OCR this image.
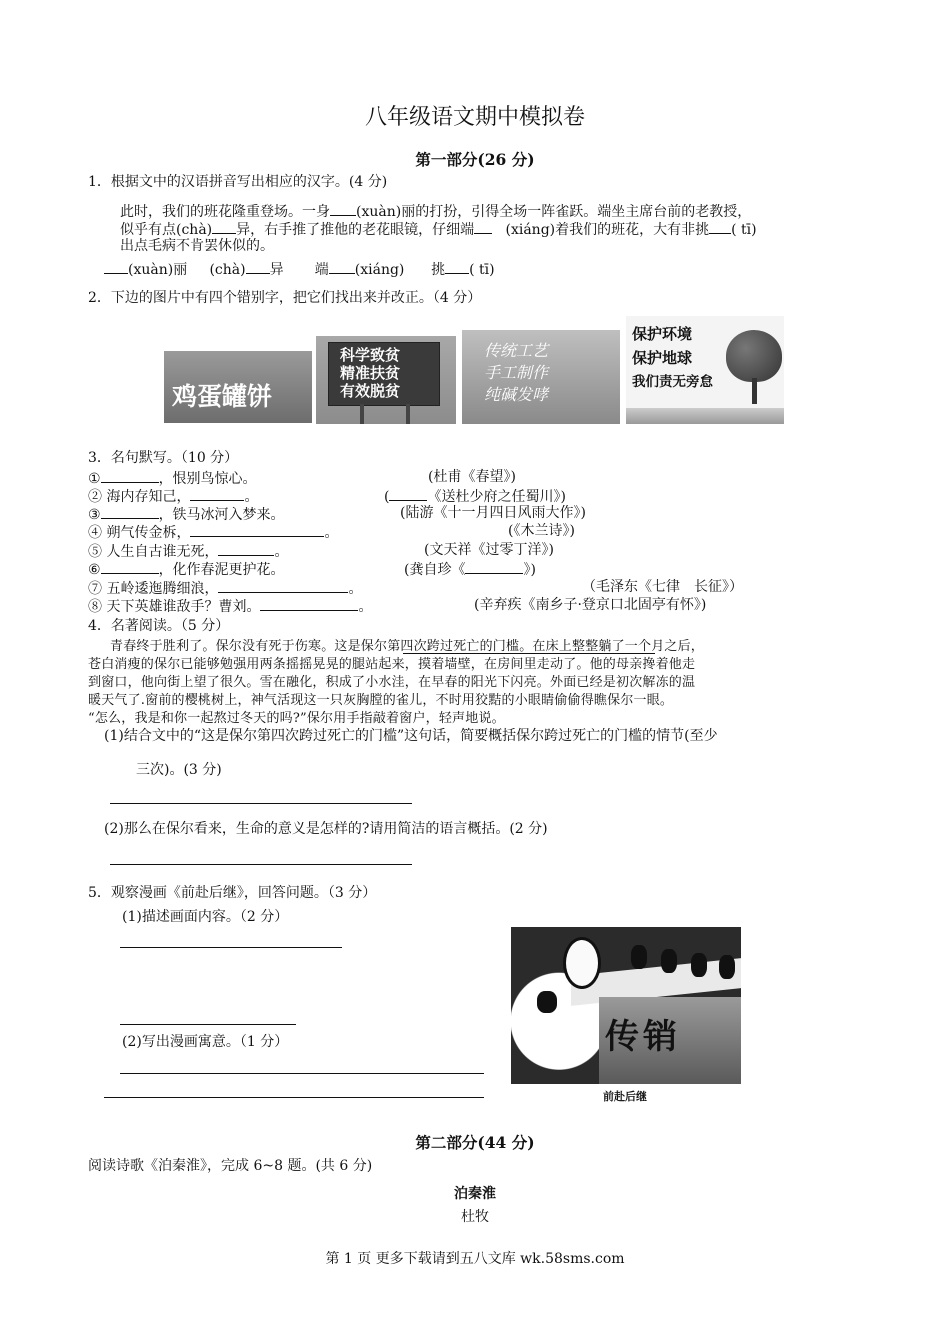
八年级语文期中模拟卷
第一部分(26 分)
1．根据文中的汉语拼音写出相应的汉字。(4 分)
此时，我们的班花隆重登场。一身 (xuàn)丽的打扮，引得全场一阵雀跃。端坐主席台前的老教授，
似乎有点(chà) 异，右手推了推他的老花眼镜，仔细端 (xiáng)着我们的班花，大有非挑 ( tī)
出点毛病不肯罢休似的。
(xuàn)丽 (chà) 异 端 (xiáng) 挑 ( tī)
2．下边的图片中有四个错别字，把它们找出来并改正。（4 分）
鸡蛋罐饼
科学致贫
精准扶贫
有效脱贫
传统工艺
手工制作
纯碱发哮
保护环境
保护地球
我们责无旁怠
3．名句默写。（10 分）
①	，恨别鸟惊心。	(杜甫《春望》)
② 海内存知己，	。	(	《送杜少府之任蜀川》)
③	，铁马冰河入梦来。	(陆游《十一月四日风雨大作》)
④ 朔气传金柝，	。	(《木兰诗》)
⑤ 人生自古谁无死，	。	(文天祥《过零丁洋》)
⑥	，化作春泥更护花。	(龚自珍《	》)
⑦ 五岭逶迤腾细浪，	。	（毛泽东《七律　长征》）
⑧ 天下英雄谁敌手？曹刘。	。	(辛弃疾《南乡子·登京口北固亭有怀》)
4．名著阅读。（5 分）
青春终于胜利了。保尔没有死于伤寒。这是保尔第四次跨过死亡的门槛。在床上整整躺了一个月之后，
苍白消瘦的保尔已能够勉强用两条摇摇晃晃的腿站起来，摸着墙壁，在房间里走动了。他的母亲搀着他走
到窗口，他向街上望了很久。雪在融化，积成了小水洼，在早春的阳光下闪亮。外面已经是初次解冻的温
暖天气了.窗前的樱桃树上，神气活现这一只灰胸膛的雀儿，不时用狡黠的小眼睛偷偷得瞧保尔一眼。
“怎么，我是和你一起熬过冬天的吗?”保尔用手指敲着窗户，轻声地说。
(1)结合文中的“这是保尔第四次跨过死亡的门槛”这句话，简要概括保尔跨过死亡的门槛的情节(至少
三次)。(3 分)
(2)那么在保尔看来，生命的意义是怎样的?请用简洁的语言概括。(2 分)
5．观察漫画《前赴后继》，回答问题。（3 分）
(1)描述画面内容。（2 分）
(2)写出漫画寓意。（1 分）	传销
前赴后继
第二部分(44 分)
阅读诗歌《泊秦淮》，完成 6~8 题。(共 6 分)
泊秦淮
杜牧
第 1 页 更多下载请到五八文库 wk.58sms.com
